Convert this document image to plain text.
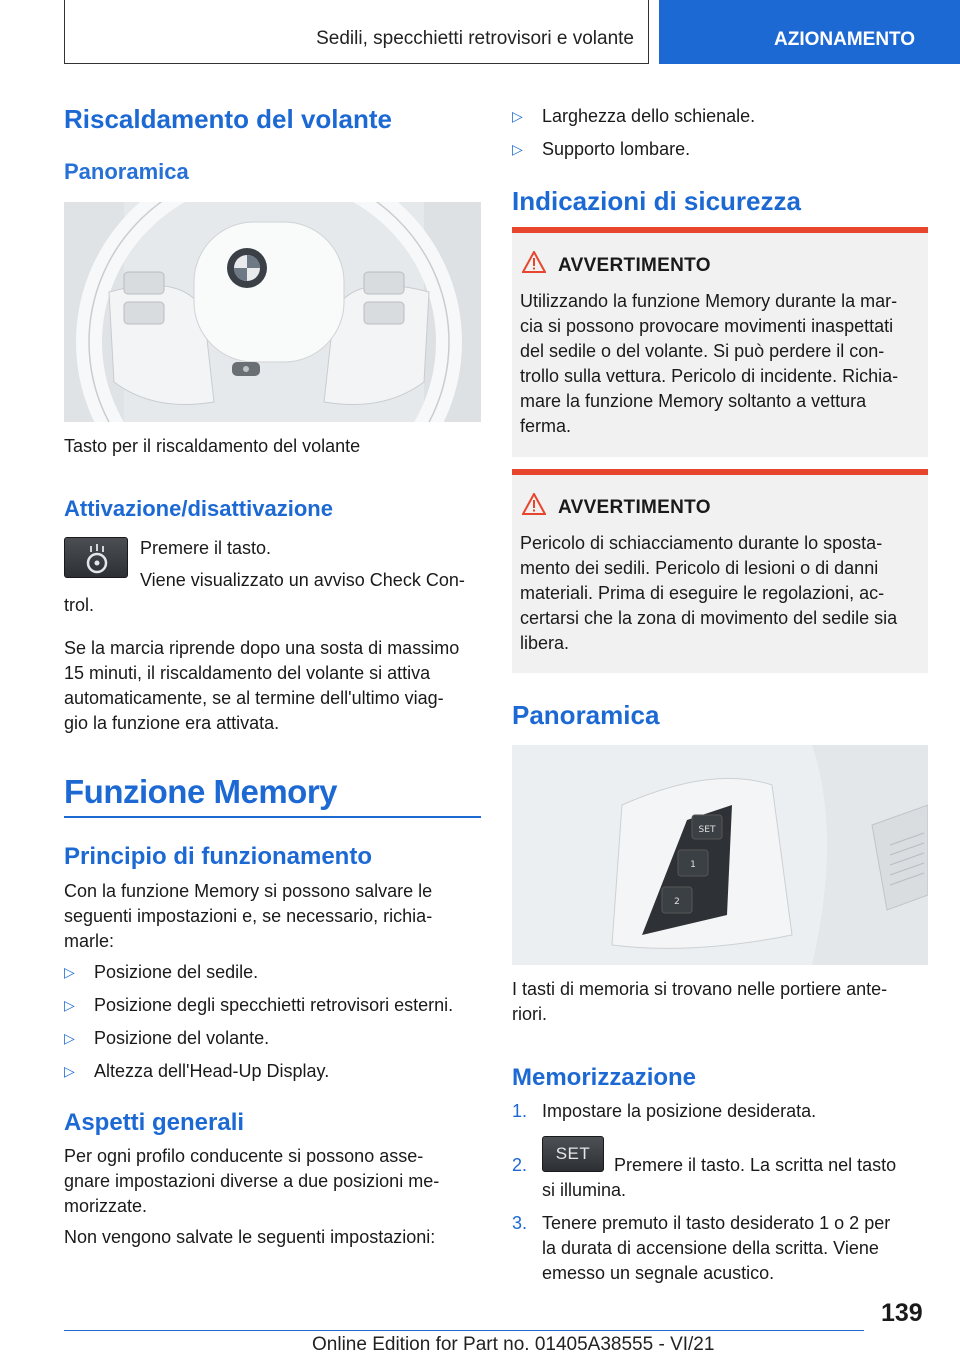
Sedili, specchietti retrovisori e volante	AZIONAMENTO
Riscaldamento del volante
Panoramica
Tasto per il riscaldamento del volante
Attivazione/disattivazione
Premere il tasto.
Viene visualizzato un avviso Check Con-
trol.
Se la marcia riprende dopo una sosta di massimo
15 minuti, il riscaldamento del volante si attiva
automaticamente, se al termine dell'ultimo viag-
gio la funzione era attivata.
Funzione Memory
Principio di funzionamento
Con la funzione Memory si possono salvare le
seguenti impostazioni e, se necessario, richia-
marle:
▷ Posizione del sedile.
▷ Posizione degli specchietti retrovisori esterni.
▷ Posizione del volante.
▷ Altezza dell'Head-Up Display.
Aspetti generali
Per ogni profilo conducente si possono asse-
gnare impostazioni diverse a due posizioni me-
morizzate.
Non vengono salvate le seguenti impostazioni:
▷ Larghezza dello schienale.
▷ Supporto lombare.
Indicazioni di sicurezza
AVVERTIMENTO
Utilizzando la funzione Memory durante la mar-
cia si possono provocare movimenti inaspettati
del sedile o del volante. Si può perdere il con-
trollo sulla vettura. Pericolo di incidente. Richia-
mare la funzione Memory soltanto a vettura
ferma.
AVVERTIMENTO
Pericolo di schiacciamento durante lo sposta-
mento dei sedili. Pericolo di lesioni o di danni
materiali. Prima di eseguire le regolazioni, ac-
certarsi che la zona di movimento del sedile sia
libera.
Panoramica
SET
1
2
I tasti di memoria si trovano nelle portiere ante-
riori.
Memorizzazione
1. Impostare la posizione desiderata.
2.	Premere il tasto. La scritta nel tasto
si illumina.
SET
3. Tenere premuto il tasto desiderato 1 o 2 per
la durata di accensione della scritta. Viene
emesso un segnale acustico.
139
Online Edition for Part no. 01405A38555 - VI/21
